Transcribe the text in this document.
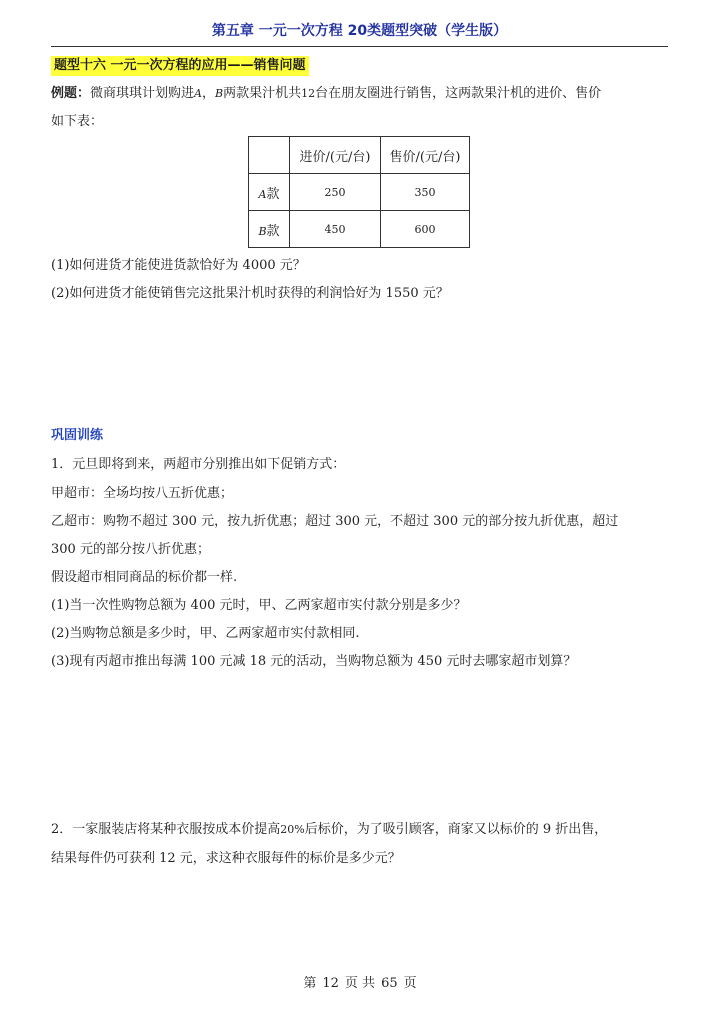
第五章 一元一次方程 20类题型突破（学生版）
题型十六 一元一次方程的应用——销售问题
例题：微商琪琪计划购进A，B两款果汁机共12台在朋友圈进行销售，这两款果汁机的进价、售价
如下表：
	进价/(元/台)	售价/(元/台)
A款	250	350
B款	450	600
(1)如何进货才能使进货款恰好为 4000 元？
(2)如何进货才能使销售完这批果汁机时获得的利润恰好为 1550 元？
巩固训练
1．元旦即将到来，两超市分别推出如下促销方式：
甲超市：全场均按八五折优惠；
乙超市：购物不超过 300 元，按九折优惠；超过 300 元，不超过 300 元的部分按九折优惠，超过
300 元的部分按八折优惠；
假设超市相同商品的标价都一样.
(1)当一次性购物总额为 400 元时，甲、乙两家超市实付款分别是多少？
(2)当购物总额是多少时，甲、乙两家超市实付款相同.
(3)现有丙超市推出每满 100 元减 18 元的活动，当购物总额为 450 元时去哪家超市划算？
2．一家服装店将某种衣服按成本价提高20%后标价，为了吸引顾客，商家又以标价的 9 折出售，
结果每件仍可获利 12 元，求这种衣服每件的标价是多少元？
第 12 页 共 65 页
